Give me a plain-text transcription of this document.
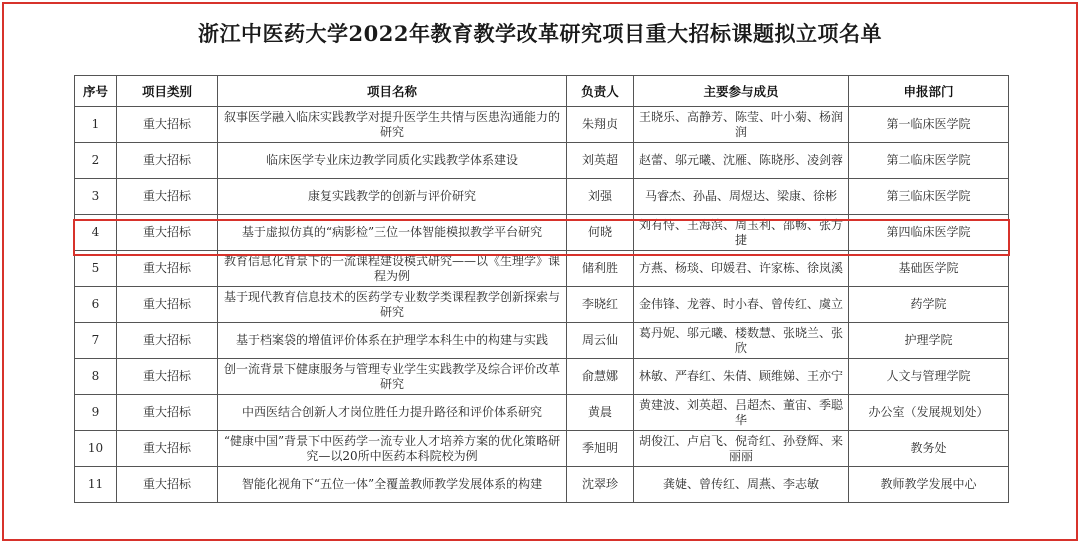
浙江中医药大学2022年教育教学改革研究项目重大招标课题拟立项名单
序号	项目类别	项目名称	负责人	主要参与成员	申报部门
1	重大招标	叙事医学融入临床实践教学对提升医学生共情与医患沟通能力的研究	朱翔贞	王晓乐、高静芳、陈莹、叶小菊、杨润润	第一临床医学院
2	重大招标	临床医学专业床边教学同质化实践教学体系建设	刘英超	赵蕾、邬元曦、沈雁、陈晓彤、凌剑蓉	第二临床医学院
3	重大招标	康复实践教学的创新与评价研究	刘强	马睿杰、孙晶、周煜达、梁康、徐彬	第三临床医学院
4	重大招标	基于虚拟仿真的“病影检”三位一体智能模拟教学平台研究	何晓	刘有恃、王海滨、周玉利、邵畅、张方捷	第四临床医学院
5	重大招标	教育信息化背景下的一流课程建设模式研究——以《生理学》课程为例	储利胜	方燕、杨琰、印媛君、许家栋、徐岚溪	基础医学院
6	重大招标	基于现代教育信息技术的医药学专业数学类课程教学创新探索与研究	李晓红	金伟锋、龙蓉、时小春、曾传红、虞立	药学院
7	重大招标	基于档案袋的增值评价体系在护理学本科生中的构建与实践	周云仙	葛丹妮、邬元曦、楼数慧、张晓兰、张欣	护理学院
8	重大招标	创一流背景下健康服务与管理专业学生实践教学及综合评价改革研究	俞慧娜	林敏、严春红、朱倩、顾维娣、王亦宁	人文与管理学院
9	重大招标	中西医结合创新人才岗位胜任力提升路径和评价体系研究	黄晨	黄建波、刘英超、吕超杰、董宙、季聪华	办公室（发展规划处）
10	重大招标	“健康中国”背景下中医药学一流专业人才培养方案的优化策略研究—以20所中医药本科院校为例	季旭明	胡俊江、卢启飞、倪奇红、孙登辉、来丽丽	教务处
11	重大招标	智能化视角下“五位一体”全覆盖教师教学发展体系的构建	沈翠珍	龚婕、曾传红、周燕、李志敏	教师教学发展中心
